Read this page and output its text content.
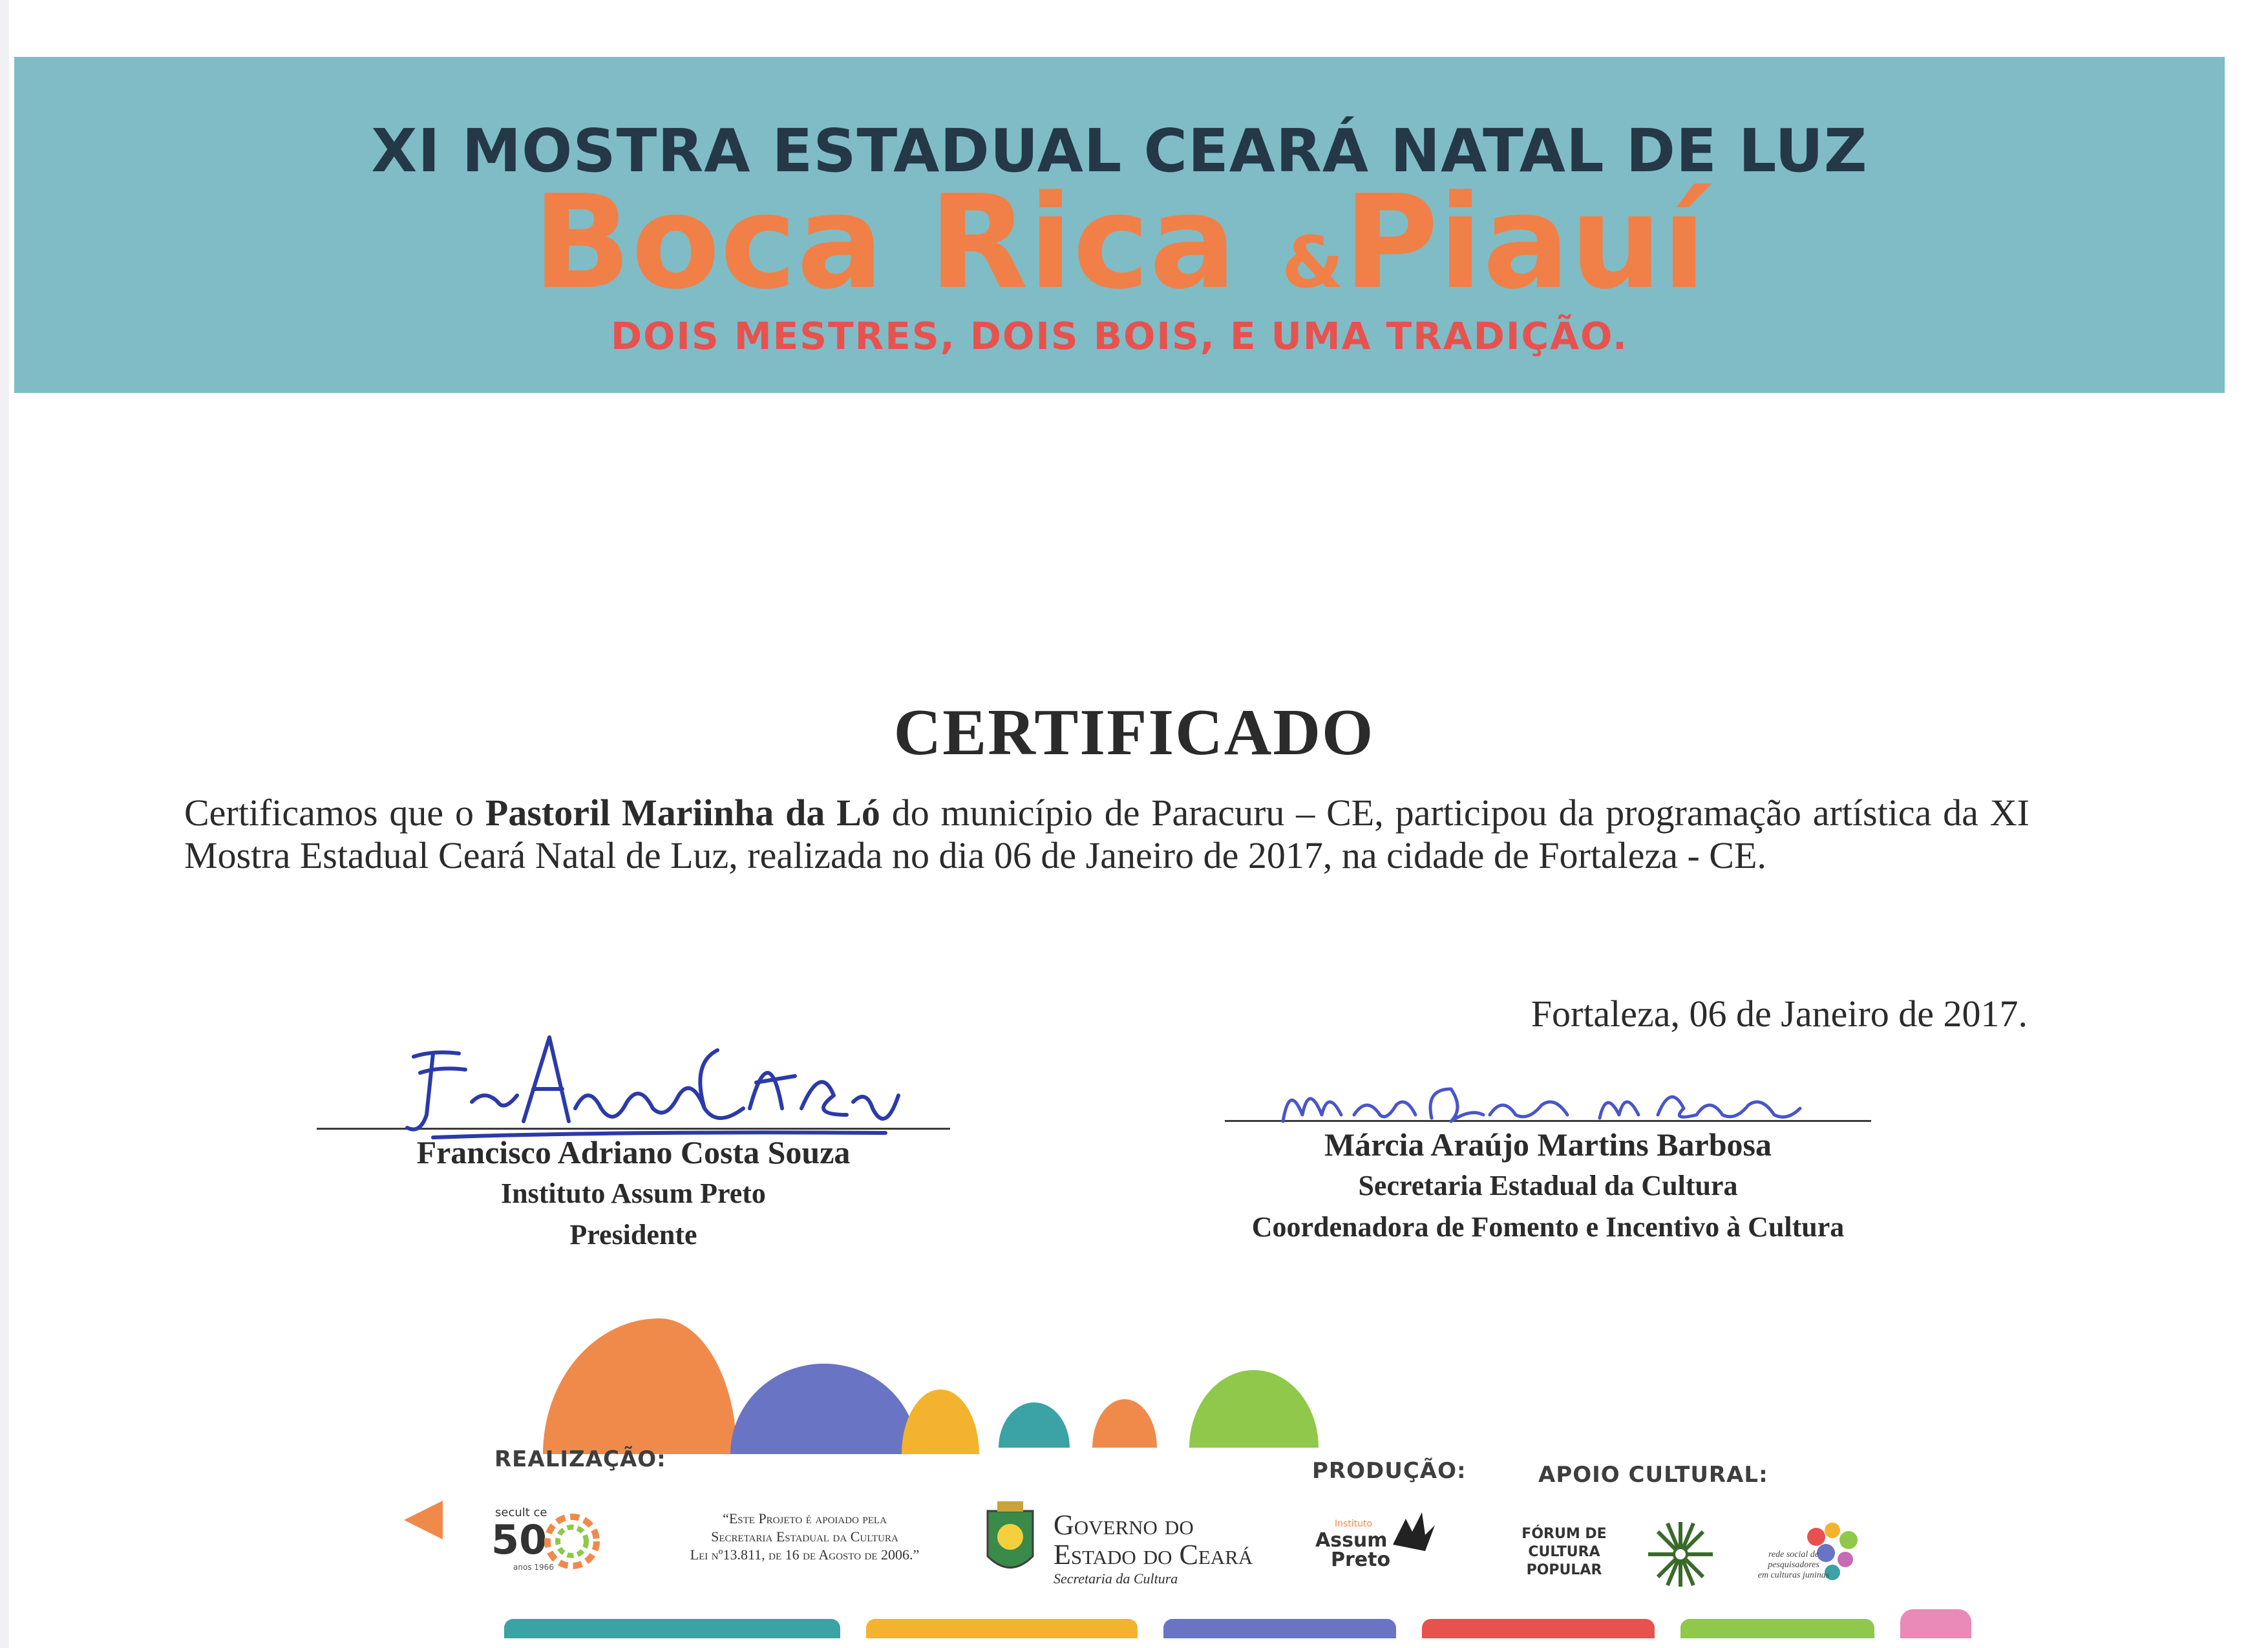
XI MOSTRA ESTADUAL CEARÁ NATAL DE LUZ
Boca Rica &Piauí
DOIS MESTRES, DOIS BOIS, E UMA TRADIÇÃO.
CERTIFICADO
Certificamos que o Pastoril Mariinha da Ló do município de Paracuru – CE, participou da programação artística da XI Mostra Estadual Ceará Natal de Luz, realizada no dia 06 de Janeiro de 2017, na cidade de Fortaleza - CE.
Fortaleza, 06 de Janeiro de 2017.
Francisco Adriano Costa Souza
Instituto Assum Preto
Presidente
Márcia Araújo Martins Barbosa
Secretaria Estadual da Cultura
Coordenadora de Fomento e Incentivo à Cultura
REALIZAÇÃO:	PRODUÇÃO:	APOIO CULTURAL:
secult ce
50
anos 1966
“Este Projeto é apoiado pela
Secretaria Estadual da Cultura
Lei nº13.811, de 16 de Agosto de 2006.”
Governo do
Estado do Ceará
Secretaria da Cultura
Instituto
Assum
Preto
FÓRUM DE
CULTURA
POPULAR
rede social de
pesquisadores
em culturas juninas
